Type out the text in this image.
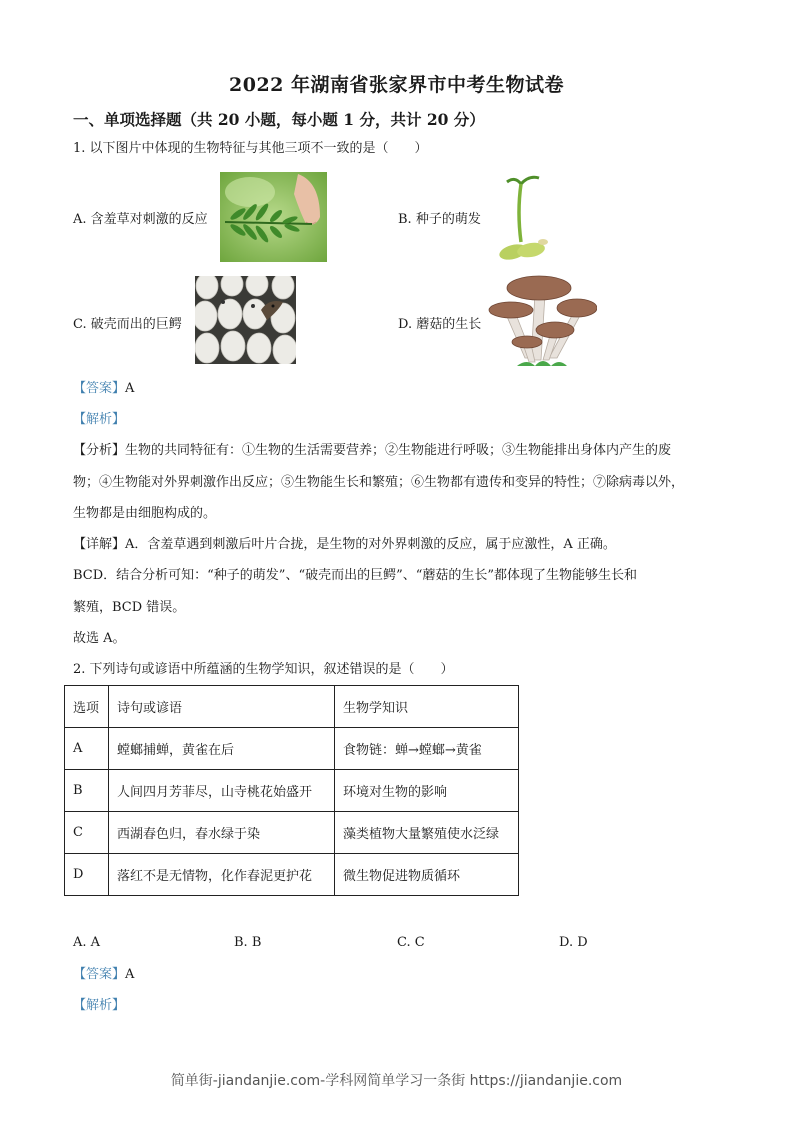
2022 年湖南省张家界市中考生物试卷
一、单项选择题（共 20 小题，每小题 1 分，共计 20 分）
1. 以下图片中体现的生物特征与其他三项不一致的是（　　）
A. 含羞草对刺激的反应	B. 种子的萌发
C. 破壳而出的巨鳄	D. 蘑菇的生长
【答案】A
【解析】
【分析】生物的共同特征有：①生物的生活需要营养；②生物能进行呼吸；③生物能排出身体内产生的废
物；④生物能对外界刺激作出反应；⑤生物能生长和繁殖；⑥生物都有遗传和变异的特性；⑦除病毒以外，
生物都是由细胞构成的。
【详解】A．含羞草遇到刺激后叶片合拢，是生物的对外界刺激的反应，属于应激性，A 正确。
BCD．结合分析可知：“种子的萌发”、“破壳而出的巨鳄”、“蘑菇的生长”都体现了生物能够生长和
繁殖，BCD 错误。
故选 A。
2. 下列诗句或谚语中所蕴涵的生物学知识，叙述错误的是（　　）
选项	诗句或谚语	生物学知识
A	螳螂捕蝉，黄雀在后	食物链：蝉→螳螂→黄雀
B	人间四月芳菲尽，山寺桃花始盛开	环境对生物的影响
C	西湖春色归，春水绿于染	藻类植物大量繁殖使水泛绿
D	落红不是无情物，化作春泥更护花	微生物促进物质循环
A. A	B. B	C. C	D. D
【答案】A
【解析】
简单街-jiandanjie.com-学科网简单学习一条街 https://jiandanjie.com
